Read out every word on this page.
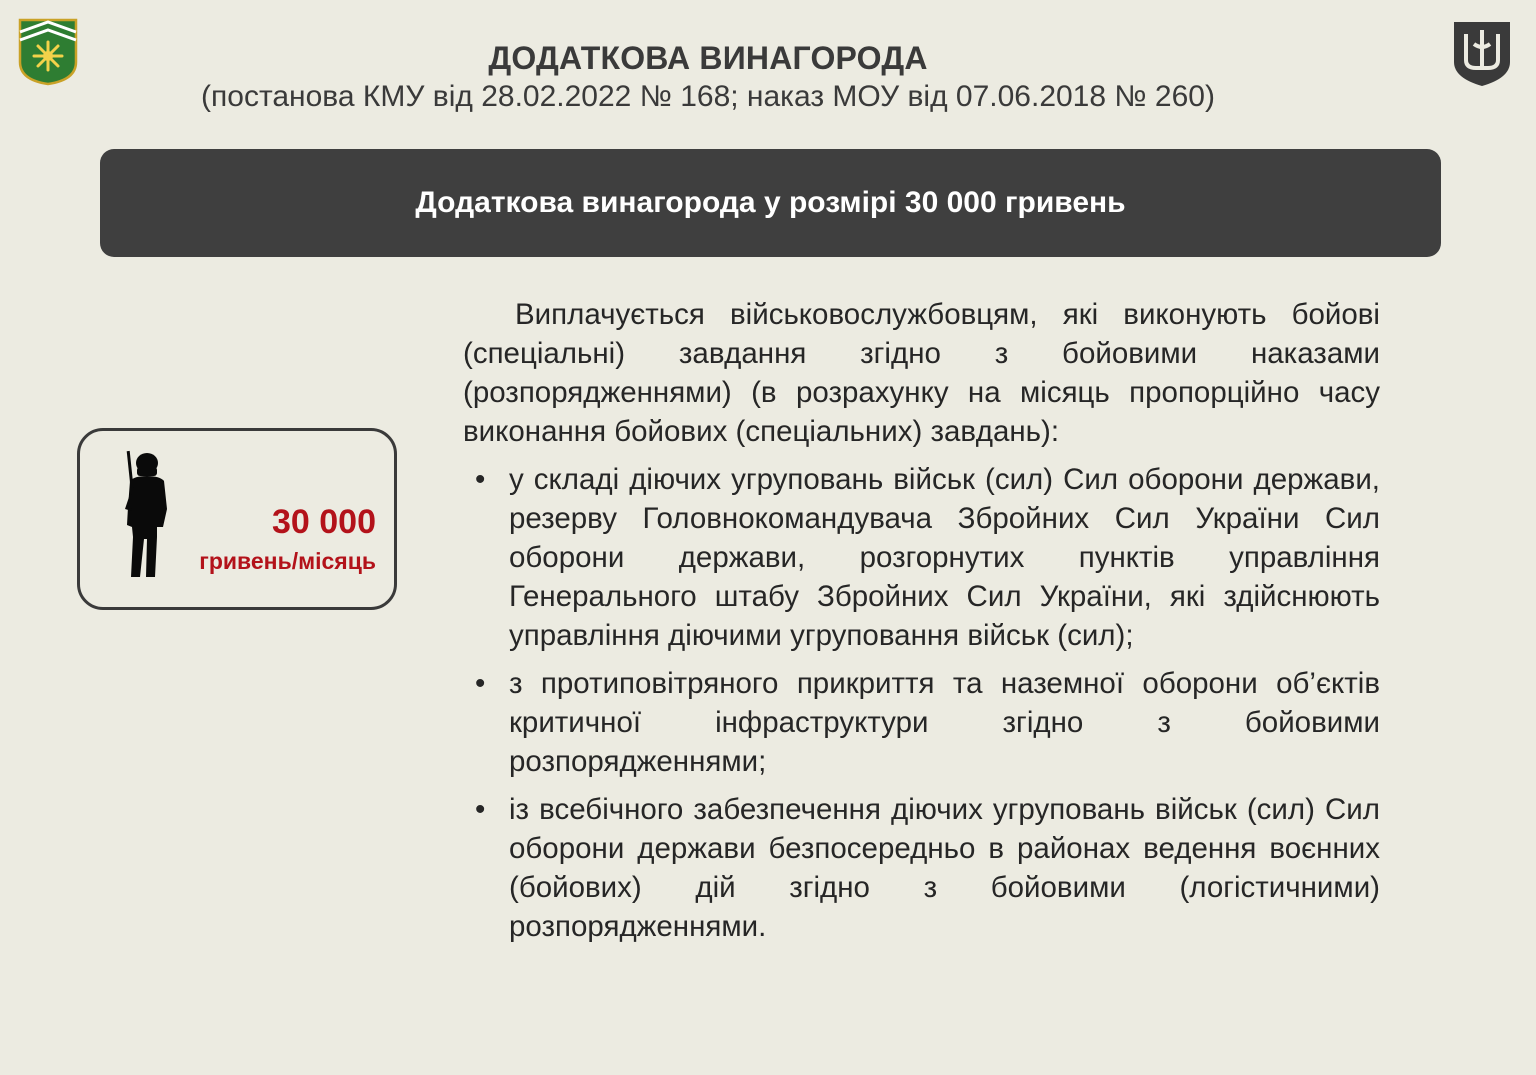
ДОДАТКОВА ВИНАГОРОДА
(постанова КМУ від 28.02.2022 № 168; наказ МОУ від 07.06.2018 № 260)
Додаткова винагорода у розмірі 30 000 гривень
30 000
гривень/місяць

Виплачується військовослужбовцям, які виконують бойові (спеціальні) завдання згідно з бойовими наказами (розпорядженнями) (в розрахунку на місяць пропорційно часу виконання бойових (спеціальних) завдань):

• у складі діючих угруповань військ (сил) Сил оборони держави, резерву Головнокомандувача Збройних Сил України Сил оборони держави, розгорнутих пунктів управління Генерального штабу Збройних Сил України, які здійснюють управління діючими угруповання військ (сил);
• з протиповітряного прикриття та наземної оборони об’єктів критичної інфраструктури згідно з бойовими розпорядженнями;
• із всебічного забезпечення діючих угруповань військ (сил) Сил оборони держави безпосередньо в районах ведення воєнних (бойових) дій згідно з бойовими (логістичними) розпорядженнями.
